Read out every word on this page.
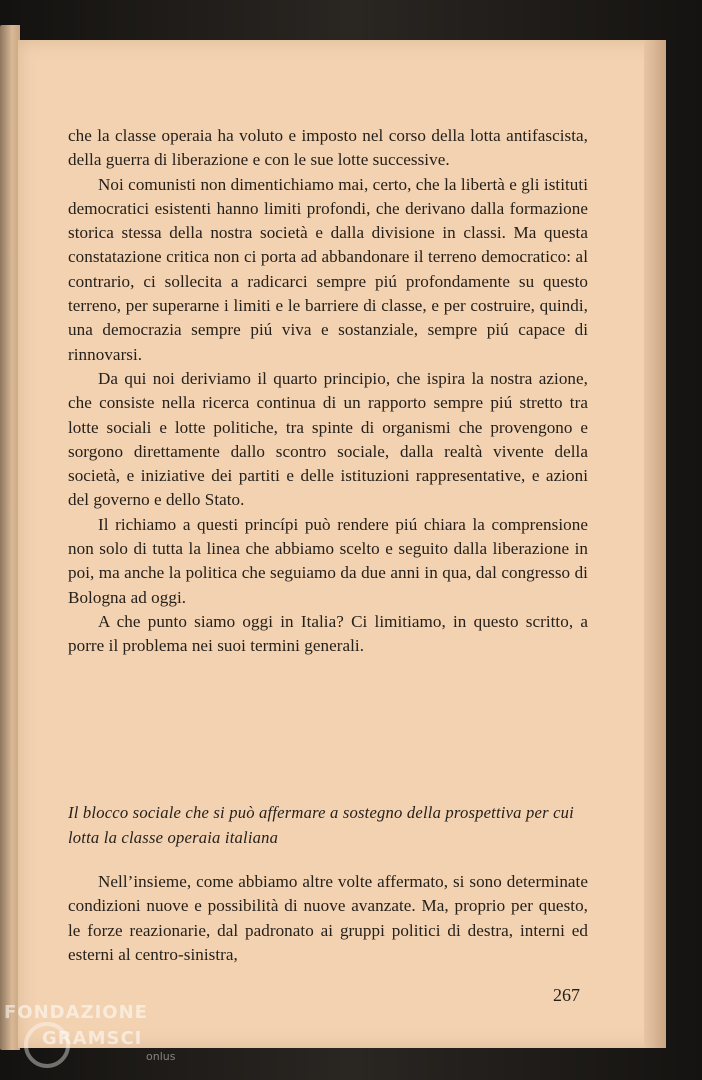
che la classe operaia ha voluto e imposto nel corso della lotta antifascista, della guerra di liberazione e con le sue lotte successive.

Noi comunisti non dimentichiamo mai, certo, che la libertà e gli istituti democratici esistenti hanno limiti profondi, che derivano dalla formazione storica stessa della nostra società e dalla divisione in classi. Ma questa constatazione critica non ci porta ad abbandonare il terreno democratico: al contrario, ci sollecita a radicarci sempre piú profondamente su questo terreno, per superarne i limiti e le barriere di classe, e per costruire, quindi, una democrazia sempre piú viva e sostanziale, sempre piú capace di rinnovarsi.

Da qui noi deriviamo il quarto principio, che ispira la nostra azione, che consiste nella ricerca continua di un rapporto sempre piú stretto tra lotte sociali e lotte politiche, tra spinte di organismi che provengono e sorgono direttamente dallo scontro sociale, dalla realtà vivente della società, e iniziative dei partiti e delle istituzioni rappresentative, e azioni del governo e dello Stato.

Il richiamo a questi princípi può rendere piú chiara la comprensione non solo di tutta la linea che abbiamo scelto e seguito dalla liberazione in poi, ma anche la politica che seguiamo da due anni in qua, dal congresso di Bologna ad oggi.

A che punto siamo oggi in Italia? Ci limitiamo, in questo scritto, a porre il problema nei suoi termini generali.

Il blocco sociale che si può affermare a sostegno della prospettiva per cui lotta la classe operaia italiana

Nell’insieme, come abbiamo altre volte affermato, si sono determinate condizioni nuove e possibilità di nuove avanzate. Ma, proprio per questo, le forze reazionarie, dal padronato ai gruppi politici di destra, interni ed esterni al centro-sinistra,

267
FONDAZIONE
GRAMSCI
onlus
